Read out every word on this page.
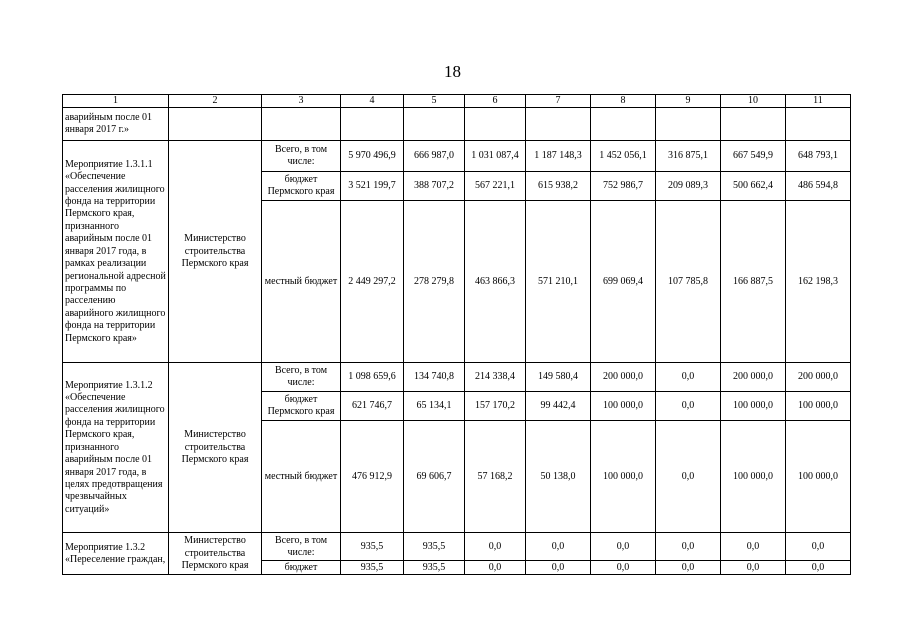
18
1	2	3	4	5	6	7	8	9	10	11
аварийным после 01 января 2017 г.»										
Мероприятие 1.3.1.1 «Обеспечение расселения жилищного фонда на территории Пермского края, признанного аварийным после 01 января 2017 года, в рамках реализации региональной адресной программы по расселению аварийного жилищного фонда на территории Пермского края»	Министерство строительства Пермского края	Всего, в том числе:	5 970 496,9	666 987,0	1 031 087,4	1 187 148,3	1 452 056,1	316 875,1	667 549,9	648 793,1
		бюджет Пермского края	3 521 199,7	388 707,2	567 221,1	615 938,2	752 986,7	209 089,3	500 662,4	486 594,8
		местный бюджет	2 449 297,2	278 279,8	463 866,3	571 210,1	699 069,4	107 785,8	166 887,5	162 198,3
Мероприятие 1.3.1.2 «Обеспечение расселения жилищного фонда на территории Пермского края, признанного аварийным после 01 января 2017 года, в целях предотвращения чрезвычайных ситуаций»	Министерство строительства Пермского края	Всего, в том числе:	1 098 659,6	134 740,8	214 338,4	149 580,4	200 000,0	0,0	200 000,0	200 000,0
		бюджет Пермского края	621 746,7	65 134,1	157 170,2	99 442,4	100 000,0	0,0	100 000,0	100 000,0
		местный бюджет	476 912,9	69 606,7	57 168,2	50 138,0	100 000,0	0,0	100 000,0	100 000,0
Мероприятие 1.3.2 «Переселение граждан,	Министерство строительства Пермского края	Всего, в том числе:	935,5	935,5	0,0	0,0	0,0	0,0	0,0	0,0
		бюджет	935,5	935,5	0,0	0,0	0,0	0,0	0,0	0,0
